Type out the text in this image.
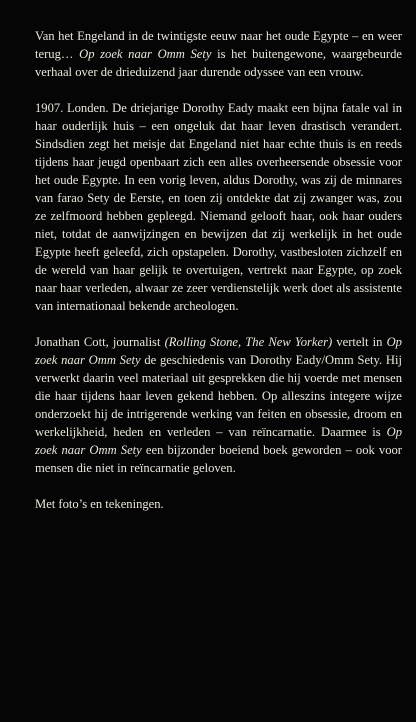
Van het Engeland in de twintigste eeuw naar het oude Egypte – en weer terug… Op zoek naar Omm Sety is het buitengewone, waargebeurde verhaal over de drieduizend jaar durende odyssee van een vrouw.

1907. Londen. De driejarige Dorothy Eady maakt een bijna fatale val in haar ouderlijk huis – een ongeluk dat haar leven drastisch verandert. Sindsdien zegt het meisje dat Engeland niet haar echte thuis is en reeds tijdens haar jeugd openbaart zich een alles overheersende obsessie voor het oude Egypte. In een vorig leven, aldus Dorothy, was zij de minnares van farao Sety de Eerste, en toen zij ontdekte dat zij zwanger was, zou ze zelfmoord hebben gepleegd. Niemand gelooft haar, ook haar ouders niet, totdat de aanwijzingen en bewijzen dat zij werkelijk in het oude Egypte heeft geleefd, zich opstapelen. Dorothy, vastbesloten zichzelf en de wereld van haar gelijk te overtuigen, vertrekt naar Egypte, op zoek naar haar verleden, alwaar ze zeer verdienstelijk werk doet als assistente van internationaal bekende archeologen.

Jonathan Cott, journalist (Rolling Stone, The New Yorker) vertelt in Op zoek naar Omm Sety de geschiedenis van Dorothy Eady/Omm Sety. Hij verwerkt daarin veel materiaal uit gesprekken die hij voerde met mensen die haar tijdens haar leven gekend hebben. Op alleszins integere wijze onderzoekt hij de intrigerende werking van feiten en obsessie, droom en werkelijkheid, heden en verleden – van reïncarnatie. Daarmee is Op zoek naar Omm Sety een bijzonder boeiend boek geworden – ook voor mensen die niet in reïncarnatie geloven.

Met foto’s en tekeningen.
